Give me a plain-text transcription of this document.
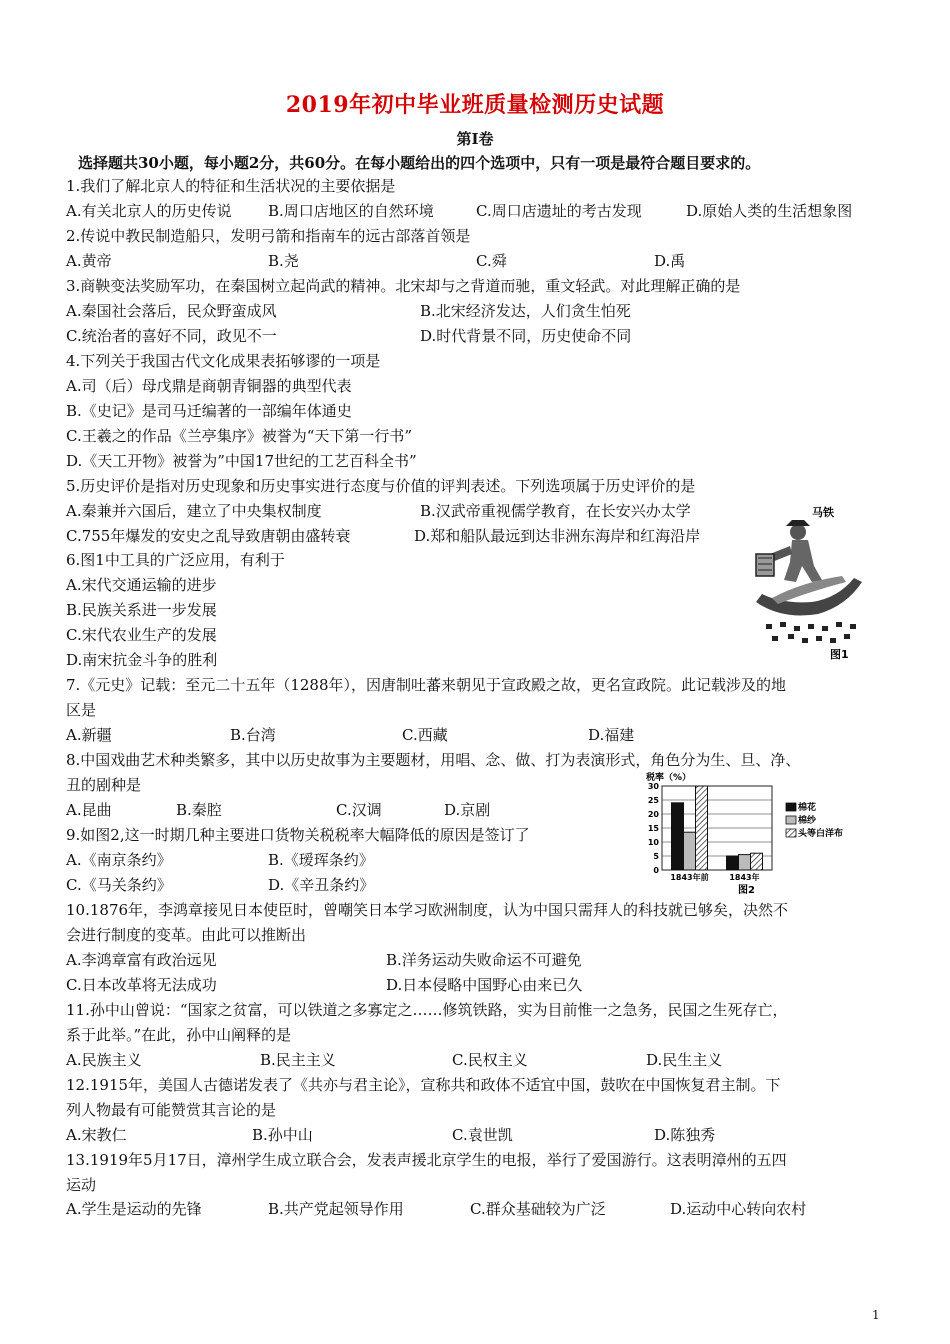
2019年初中毕业班质量检测历史试题
第Ⅰ卷
选择题共30小题，每小题2分，共60分。在每小题给出的四个选项中，只有一项是最符合题目要求的。
1.我们了解北京人的特征和生活状况的主要依据是
A.有关北京人的历史传说 B.周口店地区的自然环境	C.周口店遗址的考古发现	D.原始人类的生活想象图
2.传说中教民制造船只，发明弓箭和指南车的远古部落首领是
A.黄帝	B.尧	C.舜	D.禹
3.商鞅变法奖励军功，在秦国树立起尚武的精神。北宋却与之背道而驰，重文轻武。对此理解正确的是
A.秦国社会落后，民众野蛮成风	B.北宋经济发达，人们贪生怕死
C.统治者的喜好不同，政见不一	D.时代背景不同，历史使命不同
4.下列关于我国古代文化成果表拓够谬的一项是
A.司（后）母戊鼎是商朝青铜器的典型代表
B.《史记》是司马迁编著的一部编年体通史
C.王羲之的作品《兰亭集序》被誉为“天下第一行书”
D.《天工开物》被誉为”中国17世纪的工艺百科全书”
5.历史评价是指对历史现象和历史事实进行态度与价值的评判表述。下列选项属于历史评价的是
A.秦兼并六国后，建立了中央集权制度	B.汉武帝重视儒学教育，在长安兴办太学
C.755年爆发的安史之乱导致唐朝由盛转衰	D.郑和船队最远到达非洲东海岸和红海沿岸
6.图1中工具的广泛应用，有利于
A.宋代交通运输的进步
B.民族关系进一步发展
C.宋代农业生产的发展
D.南宋抗金斗争的胜利
马铁
图1
7.《元史》记载：至元二十五年（1288年），因唐制吐蕃来朝见于宣政殿之故，更名宣政院。此记载涉及的地
区是
A.新疆	B.台湾	C.西藏	D.福建
8.中国戏曲艺术种类繁多，其中以历史故事为主要题材，用唱、念、做、打为表演形式，角色分为生、旦、净、
丑的剧种是
A.昆曲	B.秦腔	C.汉调	D.京剧
9.如图2,这一时期几种主要进口货物关税税率大幅降低的原因是签订了
A.《南京条约》	B.《瑷珲条约》
C.《马关条约》	D.《辛丑条约》
税率（%）
30
25
20
15
10
5
0
1843年前	1843年
棉花
棉纱
头等白洋布
图2
10.1876年，李鸿章接见日本使臣时，曾嘲笑日本学习欧洲制度，认为中国只需拜人的科技就已够矣，决然不
会进行制度的变革。由此可以推断出
A.李鸿章富有政治远见	B.洋务运动失败命运不可避免
C.日本改革将无法成功	D.日本侵略中国野心由来已久
11.孙中山曾说：“国家之贫富，可以铁道之多寡定之……修筑铁路，实为目前惟一之急务，民国之生死存亡，
系于此举。”在此，孙中山阐释的是
A.民族主义	B.民主主义	C.民权主义	D.民生主义
12.1915年，美国人古德诺发表了《共亦与君主论》，宣称共和政体不适宜中国，鼓吹在中国恢复君主制。下
列人物最有可能赞赏其言论的是
A.宋教仁	B.孙中山	C.袁世凯	D.陈独秀
13.1919年5月17日，漳州学生成立联合会，发表声援北京学生的电报，举行了爱国游行。这表明漳州的五四
运动
A.学生是运动的先锋	B.共产党起领导作用	C.群众基础较为广泛	D.运动中心转向农村
1
